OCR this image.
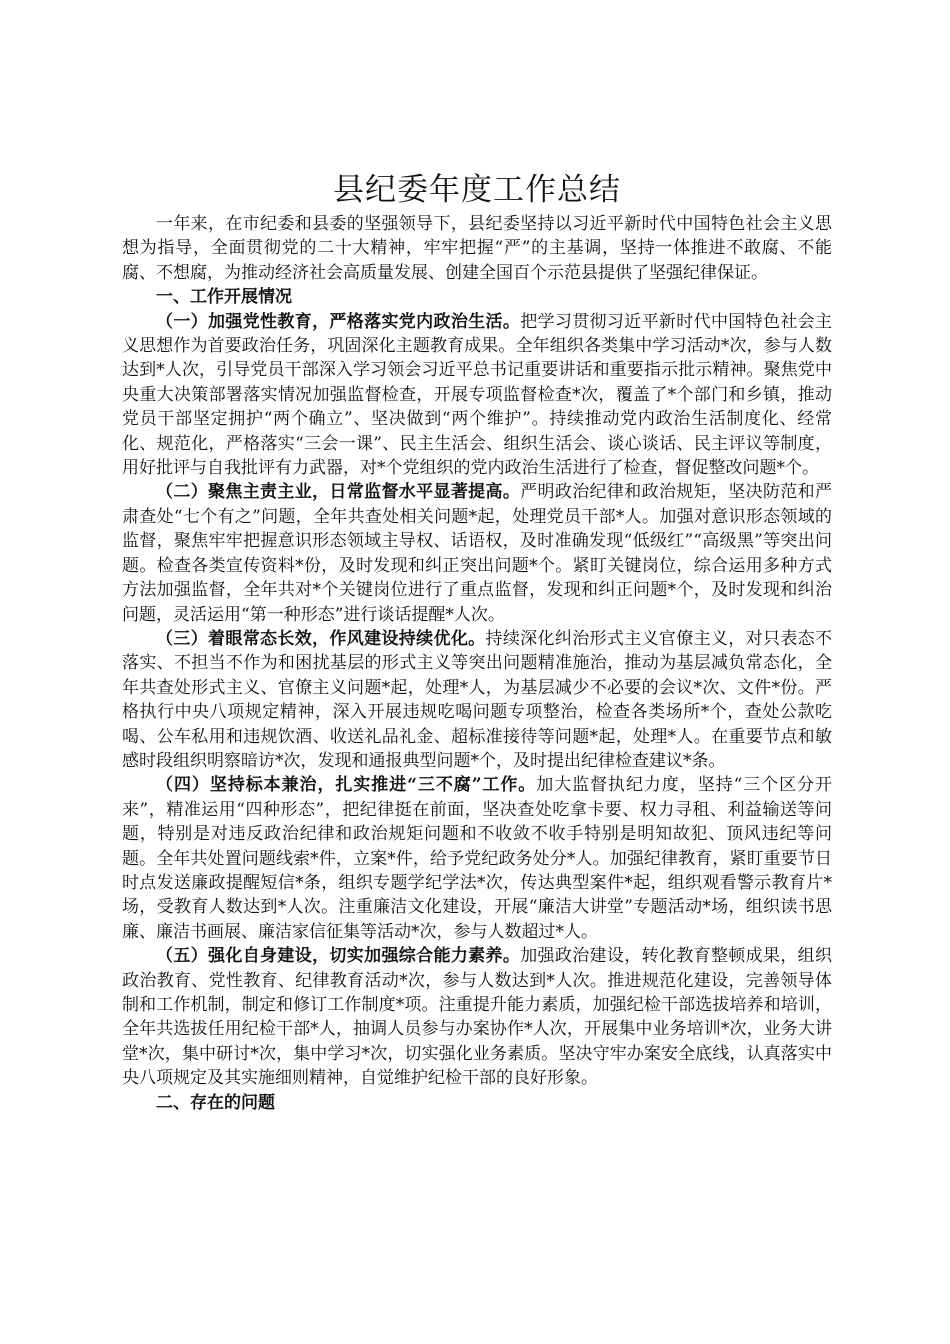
县纪委年度工作总结

一年来，在市纪委和县委的坚强领导下，县纪委坚持以习近平新时代中国特色社会主义思想为指导，全面贯彻党的二十大精神，牢牢把握“严”的主基调，坚持一体推进不敢腐、不能腐、不想腐，为推动经济社会高质量发展、创建全国百个示范县提供了坚强纪律保证。

一、工作开展情况

（一）加强党性教育，严格落实党内政治生活。把学习贯彻习近平新时代中国特色社会主义思想作为首要政治任务，巩固深化主题教育成果。全年组织各类集中学习活动*次，参与人数达到*人次，引导党员干部深入学习领会习近平总书记重要讲话和重要指示批示精神。聚焦党中央重大决策部署落实情况加强监督检查，开展专项监督检查*次，覆盖了*个部门和乡镇，推动党员干部坚定拥护“两个确立”、坚决做到“两个维护”。持续推动党内政治生活制度化、经常化、规范化，严格落实“三会一课”、民主生活会、组织生活会、谈心谈话、民主评议等制度，用好批评与自我批评有力武器，对*个党组织的党内政治生活进行了检查，督促整改问题*个。

（二）聚焦主责主业，日常监督水平显著提高。严明政治纪律和政治规矩，坚决防范和严肃查处“七个有之”问题，全年共查处相关问题*起，处理党员干部*人。加强对意识形态领域的监督，聚焦牢牢把握意识形态领域主导权、话语权，及时准确发现“低级红”“高级黑”等突出问题。检查各类宣传资料*份，及时发现和纠正突出问题*个。紧盯关键岗位，综合运用多种方式方法加强监督，全年共对*个关键岗位进行了重点监督，发现和纠正问题*个，及时发现和纠治问题，灵活运用“第一种形态”进行谈话提醒*人次。

（三）着眼常态长效，作风建设持续优化。持续深化纠治形式主义官僚主义，对只表态不落实、不担当不作为和困扰基层的形式主义等突出问题精准施治，推动为基层减负常态化，全年共查处形式主义、官僚主义问题*起，处理*人，为基层减少不必要的会议*次、文件*份。严格执行中央八项规定精神，深入开展违规吃喝问题专项整治，检查各类场所*个，查处公款吃喝、公车私用和违规饮酒、收送礼品礼金、超标准接待等问题*起，处理*人。在重要节点和敏感时段组织明察暗访*次，发现和通报典型问题*个，及时提出纪律检查建议*条。

（四）坚持标本兼治，扎实推进“三不腐”工作。加大监督执纪力度，坚持“三个区分开来”，精准运用“四种形态”，把纪律挺在前面，坚决查处吃拿卡要、权力寻租、利益输送等问题，特别是对违反政治纪律和政治规矩问题和不收敛不收手特别是明知故犯、顶风违纪等问题。全年共处置问题线索*件，立案*件，给予党纪政务处分*人。加强纪律教育，紧盯重要节日时点发送廉政提醒短信*条，组织专题学纪学法*次，传达典型案件*起，组织观看警示教育片*场，受教育人数达到*人次。注重廉洁文化建设，开展“廉洁大讲堂”专题活动*场，组织读书思廉、廉洁书画展、廉洁家信征集等活动*次，参与人数超过*人。

（五）强化自身建设，切实加强综合能力素养。加强政治建设，转化教育整顿成果，组织政治教育、党性教育、纪律教育活动*次，参与人数达到*人次。推进规范化建设，完善领导体制和工作机制，制定和修订工作制度*项。注重提升能力素质，加强纪检干部选拔培养和培训，全年共选拔任用纪检干部*人，抽调人员参与办案协作*人次，开展集中业务培训*次，业务大讲堂*次，集中研讨*次，集中学习*次，切实强化业务素质。坚决守牢办案安全底线，认真落实中央八项规定及其实施细则精神，自觉维护纪检干部的良好形象。

二、存在的问题
